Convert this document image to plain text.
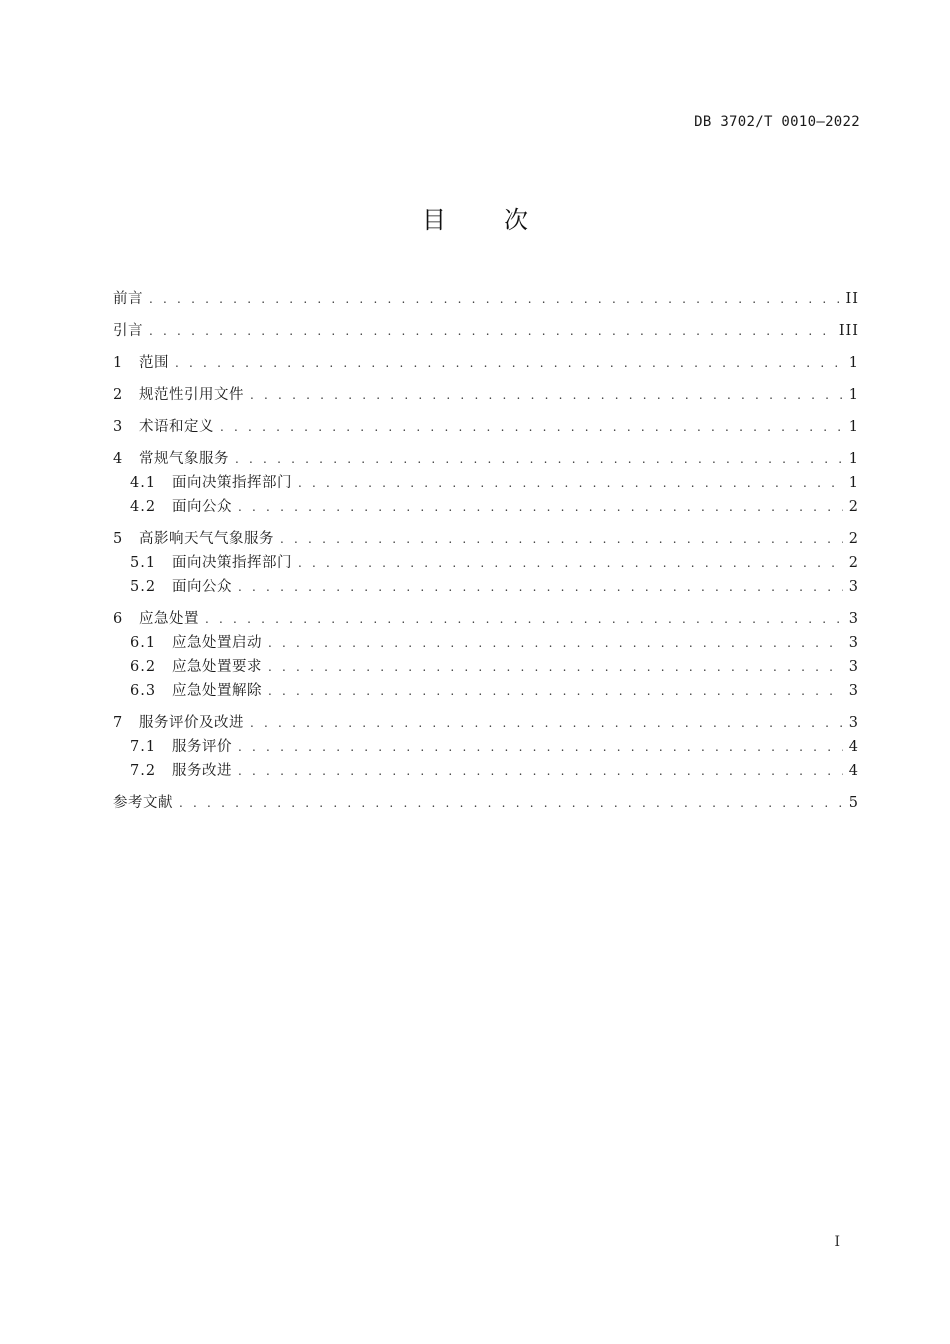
DB 3702/T 0010—2022
目次
前言 . . .	II
引言 . . .	III
1	范围 . . .	1
2	规范性引用文件 . . .	1
3	术语和定义 . . .	1
4	常规气象服务 . . .	1
4.1	面向决策指挥部门 . . .	1
4.2	面向公众 . . .	2
5	高影响天气气象服务 . . .	2
5.1	面向决策指挥部门 . . .	2
5.2	面向公众 . . .	3
6	应急处置 . . .	3
6.1	应急处置启动 . . .	3
6.2	应急处置要求 . . .	3
6.3	应急处置解除 . . .	3
7	服务评价及改进 . . .	3
7.1	服务评价 . . .	4
7.2	服务改进 . . .	4
参考文献 . . .	5
I
